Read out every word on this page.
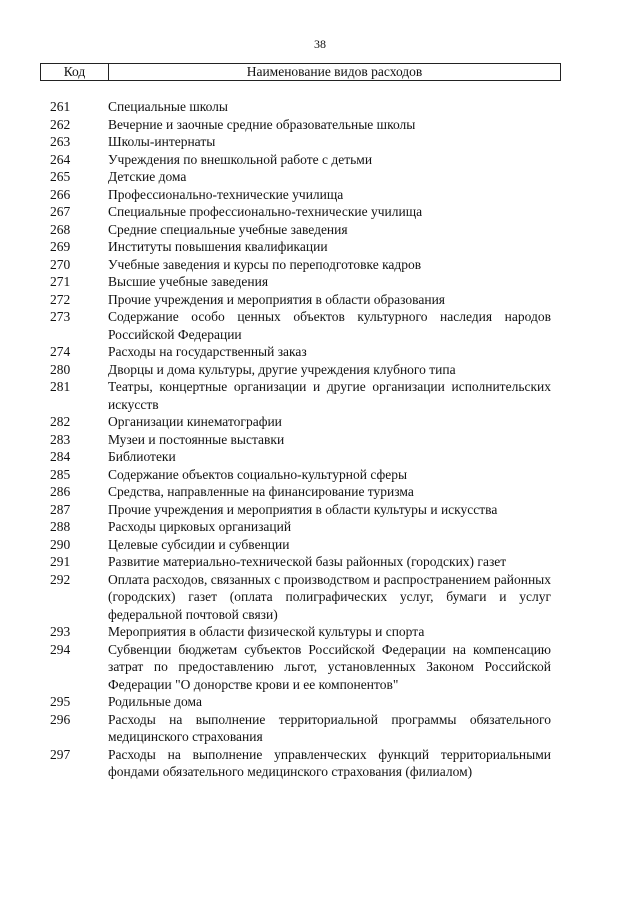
38
Код	Наименование видов расходов
261	Специальные школы
262	Вечерние и заочные средние образовательные школы
263	Школы-интернаты
264	Учреждения по внешкольной работе с детьми
265	Детские дома
266	Профессионально-технические училища
267	Специальные профессионально-технические училища
268	Средние специальные учебные заведения
269	Институты повышения квалификации
270	Учебные заведения и курсы по переподготовке кадров
271	Высшие учебные заведения
272	Прочие учреждения и мероприятия в области образования
273	Содержание особо ценных объектов культурного наследия народов Российской Федерации
274	Расходы на государственный заказ
280	Дворцы и дома культуры, другие учреждения клубного типа
281	Театры, концертные организации и другие организации исполнительских искусств
282	Организации кинематографии
283	Музеи и постоянные выставки
284	Библиотеки
285	Содержание объектов социально-культурной сферы
286	Средства, направленные на финансирование туризма
287	Прочие учреждения и мероприятия в области культуры и искусства
288	Расходы цирковых организаций
290	Целевые субсидии и субвенции
291	Развитие материально-технической базы районных (городских) газет
292	Оплата расходов, связанных с производством и распространением районных (городских) газет (оплата полиграфических услуг, бумаги и услуг федеральной почтовой связи)
293	Мероприятия в области физической культуры и спорта
294	Субвенции бюджетам субъектов Российской Федерации на компенсацию затрат по предоставлению льгот, установленных Законом Российской Федерации "О донорстве крови и ее компонентов"
295	Родильные дома
296	Расходы на выполнение территориальной программы обязательного медицинского страхования
297	Расходы на выполнение управленческих функций территориальными фондами обязательного медицинского страхования (филиалом)
